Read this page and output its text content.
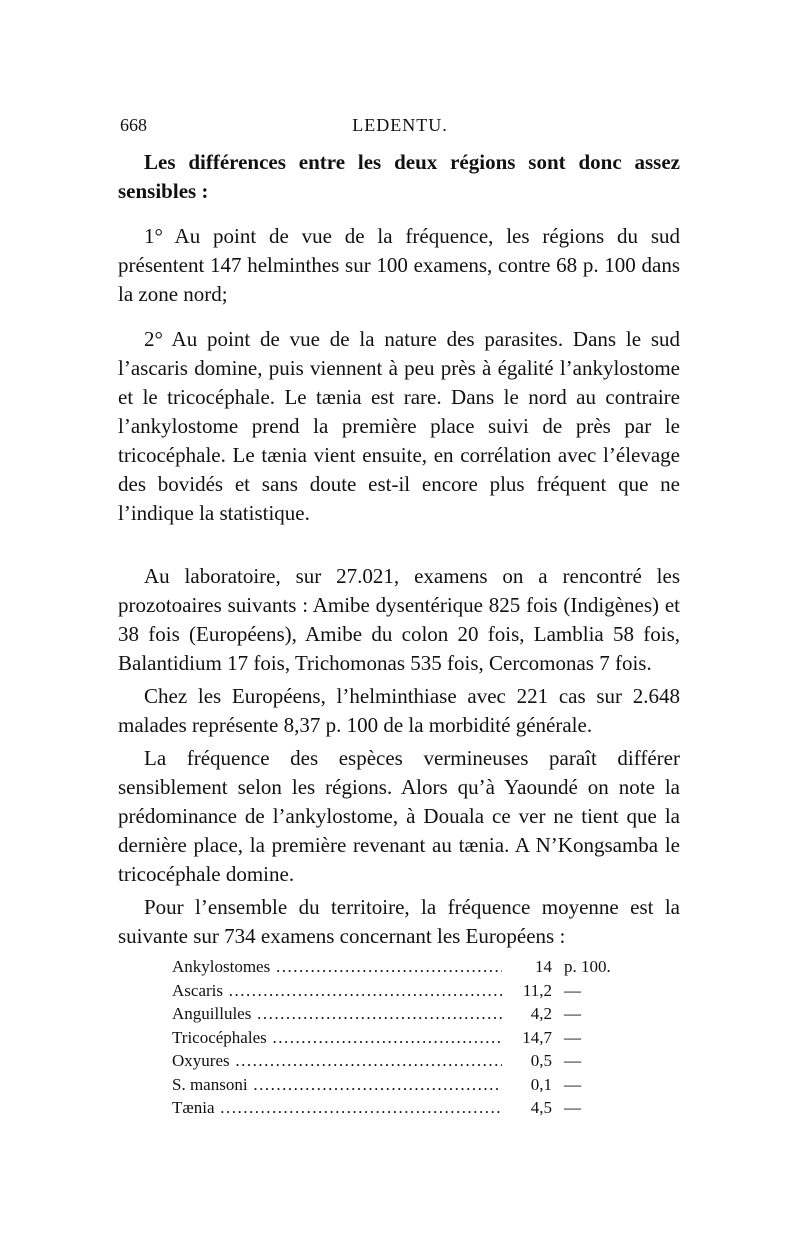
668	LEDENTU.

Les différences entre les deux régions sont donc assez sensibles :

1° Au point de vue de la fréquence, les régions du sud présentent 147 helminthes sur 100 examens, contre 68 p. 100 dans la zone nord;

2° Au point de vue de la nature des parasites. Dans le sud l’ascaris domine, puis viennent à peu près à égalité l’ankylostome et le tricocéphale. Le tænia est rare. Dans le nord au contraire l’ankylostome prend la première place suivi de près par le tricocéphale. Le tænia vient ensuite, en corrélation avec l’élevage des bovidés et sans doute est-il encore plus fréquent que ne l’indique la statistique.

Au laboratoire, sur 27.021, examens on a rencontré les prozotoaires suivants : Amibe dysentérique 825 fois (Indigènes) et 38 fois (Européens), Amibe du colon 20 fois, Lamblia 58 fois, Balantidium 17 fois, Trichomonas 535 fois, Cercomonas 7 fois.

Chez les Européens, l’helminthiase avec 221 cas sur 2.648 malades représente 8,37 p. 100 de la morbidité générale.

La fréquence des espèces vermineuses paraît différer sensiblement selon les régions. Alors qu’à Yaoundé on note la prédominance de l’ankylostome, à Douala ce ver ne tient que la dernière place, la première revenant au tænia. A N’Kongsamba le tricocéphale domine.

Pour l’ensemble du territoire, la fréquence moyenne est la suivante sur 734 examens concernant les Européens :

Ankylostomes .....	14 p. 100.
Ascaris .....	11,2 —
Anguillules .....	4,2 —
Tricocéphales .....	14,7 —
Oxyures .....	0,5 —
S. mansoni .....	0,1 —
Tænia .....	4,5 —
